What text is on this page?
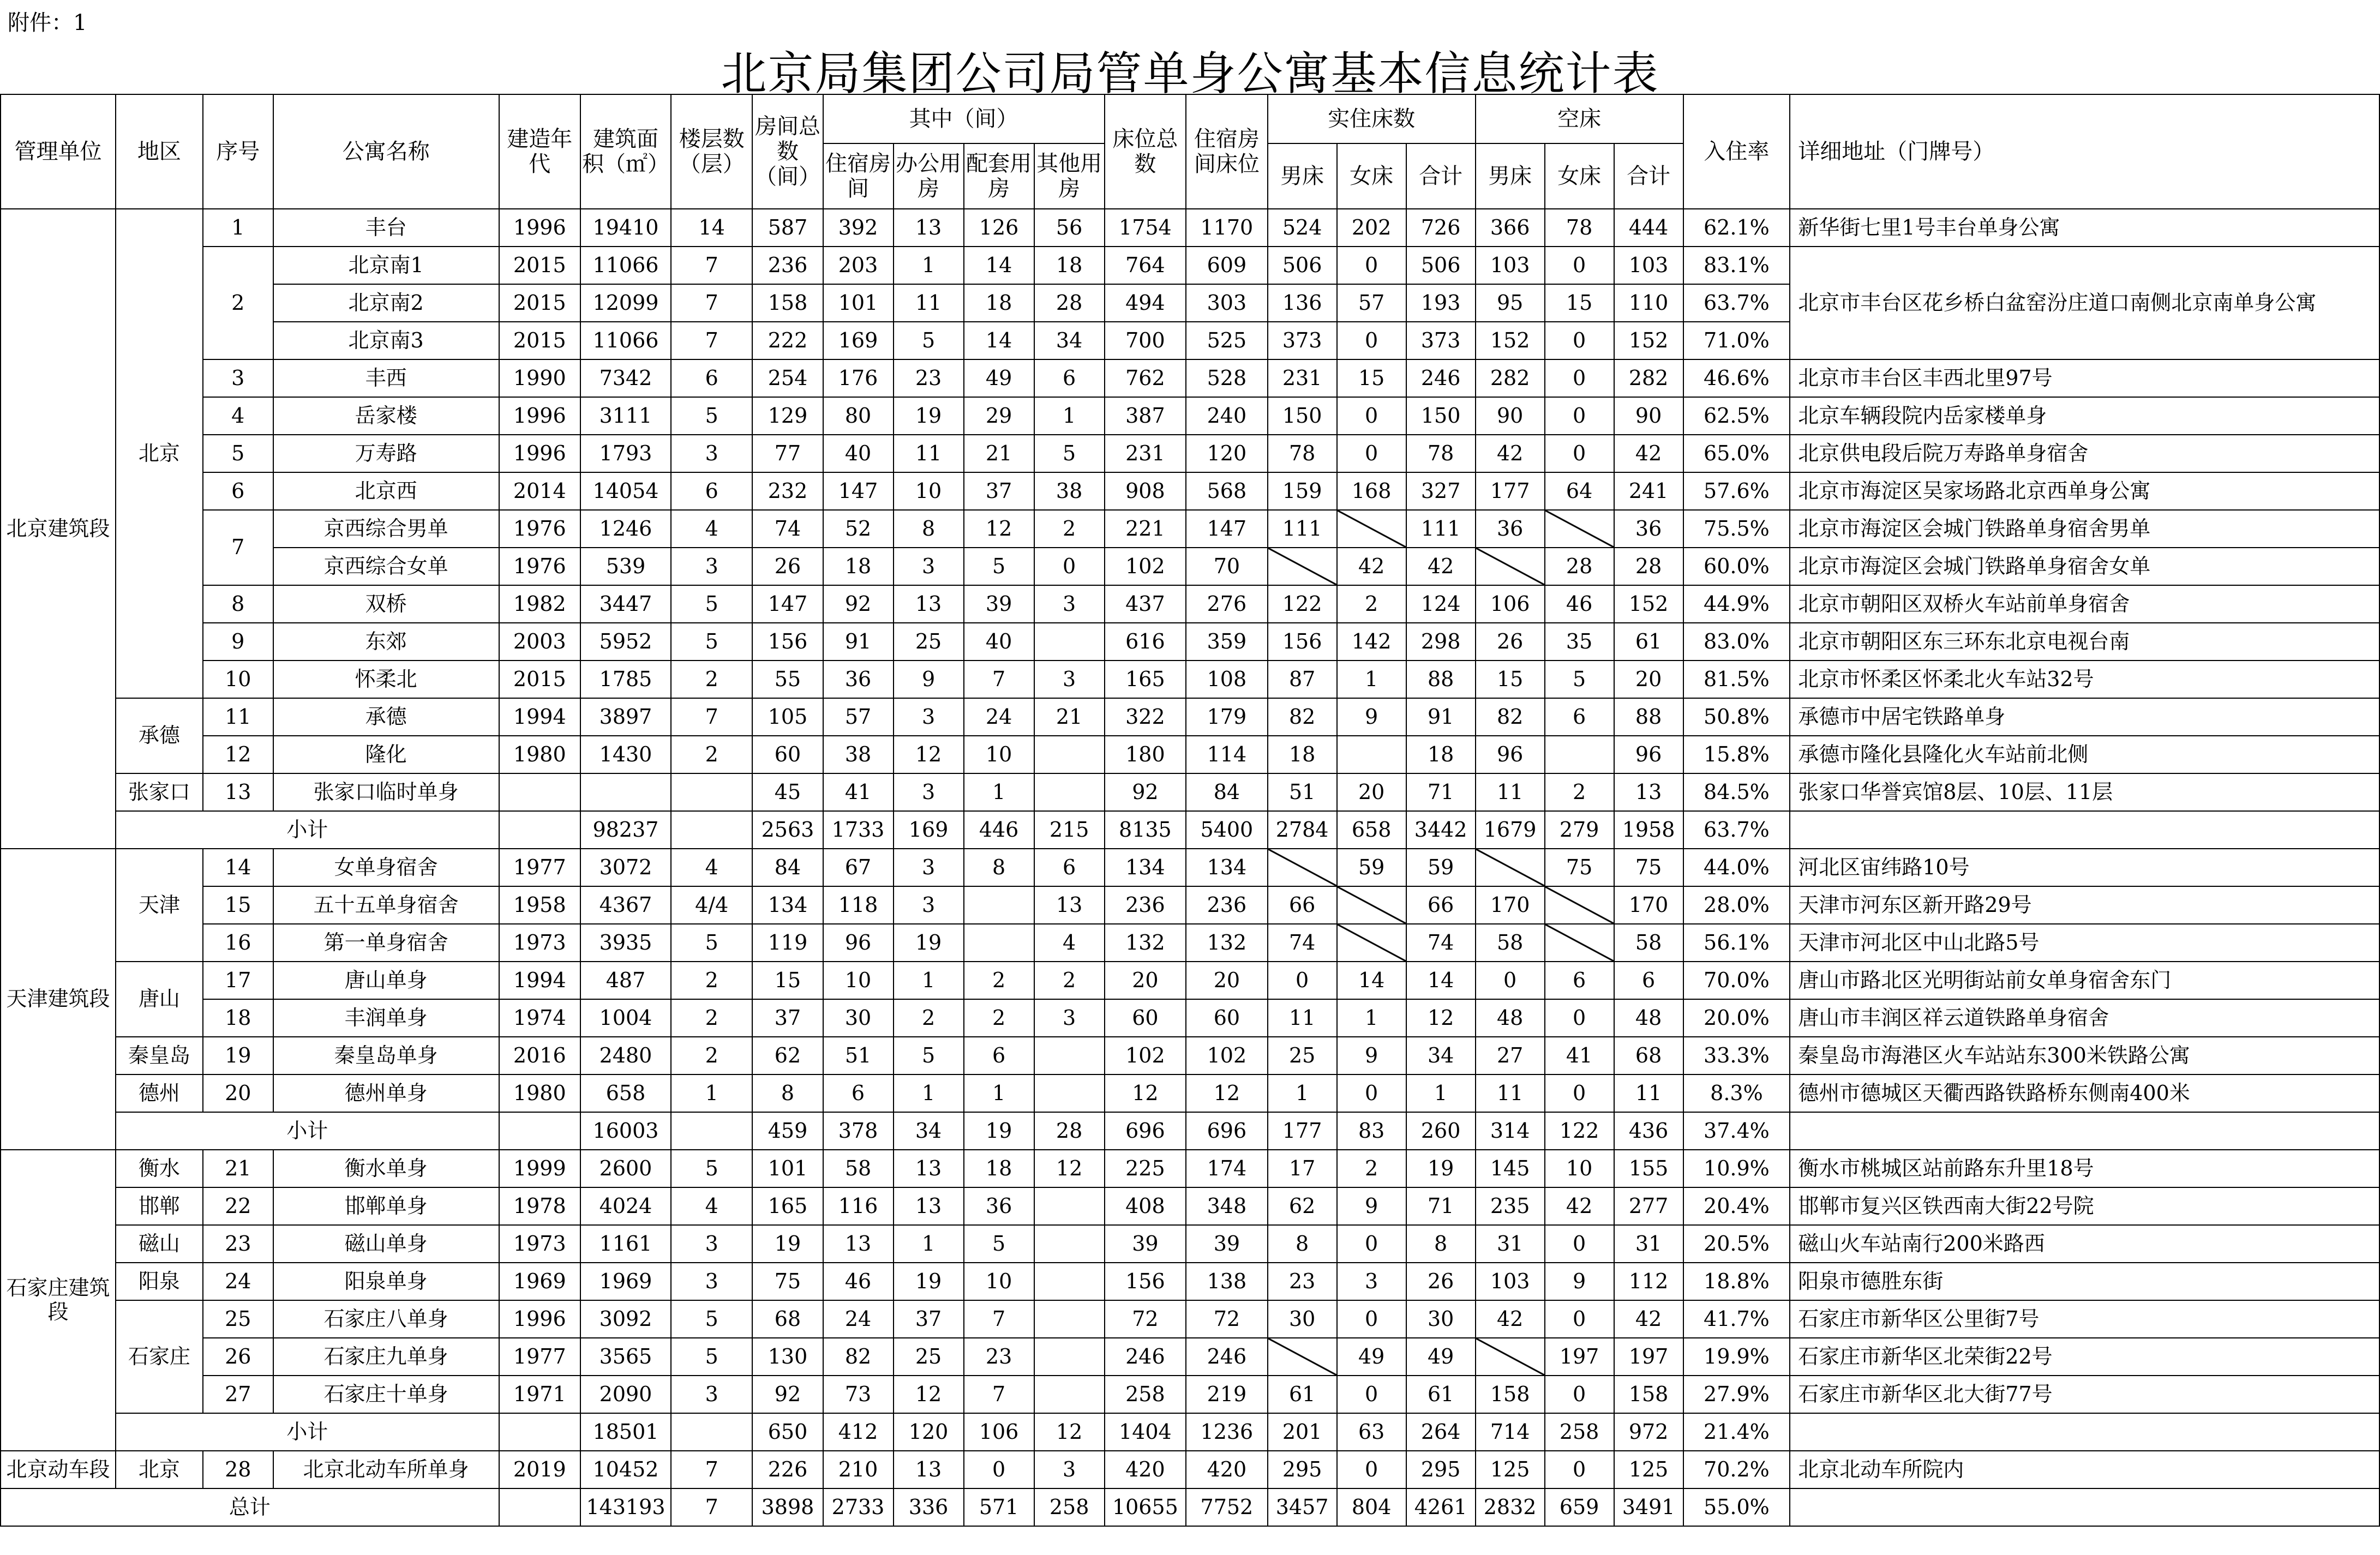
附件：1
北京局集团公司局管单身公寓基本信息统计表
管理单位	地区	序号	公寓名称	建造年代	建筑面积（㎡）	楼层数（层）	房间总数（间）	其中（间）				床位总数	住宿房间床位	实住床数			空床			入住率	详细地址（门牌号）
								住宿房间	办公用房	配套用房	其他用房			男床	女床	合计	男床	女床	合计		
北京建筑段	北京	1	丰台	1996	19410	14	587	392	13	126	56	1754	1170	524	202	726	366	78	444	62.1%	新华街七里1号丰台单身公寓
		2	北京南1	2015	11066	7	236	203	1	14	18	764	609	506	0	506	103	0	103	83.1%	北京市丰台区花乡桥白盆窑汾庄道口南侧北京南单身公寓
			北京南2	2015	12099	7	158	101	11	18	28	494	303	136	57	193	95	15	110	63.7%	
			北京南3	2015	11066	7	222	169	5	14	34	700	525	373	0	373	152	0	152	71.0%	
		3	丰西	1990	7342	6	254	176	23	49	6	762	528	231	15	246	282	0	282	46.6%	北京市丰台区丰西北里97号
		4	岳家楼	1996	3111	5	129	80	19	29	1	387	240	150	0	150	90	0	90	62.5%	北京车辆段院内岳家楼单身
		5	万寿路	1996	1793	3	77	40	11	21	5	231	120	78	0	78	42	0	42	65.0%	北京供电段后院万寿路单身宿舍
		6	北京西	2014	14054	6	232	147	10	37	38	908	568	159	168	327	177	64	241	57.6%	北京市海淀区吴家场路北京西单身公寓
		7	京西综合男单	1976	1246	4	74	52	8	12	2	221	147	111		111	36		36	75.5%	北京市海淀区会城门铁路单身宿舍男单
			京西综合女单	1976	539	3	26	18	3	5	0	102	70		42	42		28	28	60.0%	北京市海淀区会城门铁路单身宿舍女单
		8	双桥	1982	3447	5	147	92	13	39	3	437	276	122	2	124	106	46	152	44.9%	北京市朝阳区双桥火车站前单身宿舍
		9	东郊	2003	5952	5	156	91	25	40		616	359	156	142	298	26	35	61	83.0%	北京市朝阳区东三环东北京电视台南
		10	怀柔北	2015	1785	2	55	36	9	7	3	165	108	87	1	88	15	5	20	81.5%	北京市怀柔区怀柔北火车站32号
	承德	11	承德	1994	3897	7	105	57	3	24	21	322	179	82	9	91	82	6	88	50.8%	承德市中居宅铁路单身
		12	隆化	1980	1430	2	60	38	12	10		180	114	18		18	96		96	15.8%	承德市隆化县隆化火车站前北侧
	张家口	13	张家口临时单身				45	41	3	1		92	84	51	20	71	11	2	13	84.5%	张家口华誉宾馆8层、10层、11层
	小计				98237		2563	1733	169	446	215	8135	5400	2784	658	3442	1679	279	1958	63.7%	
天津建筑段	天津	14	女单身宿舍	1977	3072	4	84	67	3	8	6	134	134		59	59		75	75	44.0%	河北区宙纬路10号
		15	五十五单身宿舍	1958	4367	4/4	134	118	3		13	236	236	66		66	170		170	28.0%	天津市河东区新开路29号
		16	第一单身宿舍	1973	3935	5	119	96	19		4	132	132	74		74	58		58	56.1%	天津市河北区中山北路5号
	唐山	17	唐山单身	1994	487	2	15	10	1	2	2	20	20	0	14	14	0	6	6	70.0%	唐山市路北区光明街站前女单身宿舍东门
		18	丰润单身	1974	1004	2	37	30	2	2	3	60	60	11	1	12	48	0	48	20.0%	唐山市丰润区祥云道铁路单身宿舍
	秦皇岛	19	秦皇岛单身	2016	2480	2	62	51	5	6		102	102	25	9	34	27	41	68	33.3%	秦皇岛市海港区火车站站东300米铁路公寓
	德州	20	德州单身	1980	658	1	8	6	1	1		12	12	1	0	1	11	0	11	8.3%	德州市德城区天衢西路铁路桥东侧南400米
	小计				16003		459	378	34	19	28	696	696	177	83	260	314	122	436	37.4%	
石家庄建筑段	衡水	21	衡水单身	1999	2600	5	101	58	13	18	12	225	174	17	2	19	145	10	155	10.9%	衡水市桃城区站前路东升里18号
	邯郸	22	邯郸单身	1978	4024	4	165	116	13	36		408	348	62	9	71	235	42	277	20.4%	邯郸市复兴区铁西南大街22号院
	磁山	23	磁山单身	1973	1161	3	19	13	1	5		39	39	8	0	8	31	0	31	20.5%	磁山火车站南行200米路西
	阳泉	24	阳泉单身	1969	1969	3	75	46	19	10		156	138	23	3	26	103	9	112	18.8%	阳泉市德胜东街
	石家庄	25	石家庄八单身	1996	3092	5	68	24	37	7		72	72	30	0	30	42	0	42	41.7%	石家庄市新华区公里街7号
		26	石家庄九单身	1977	3565	5	130	82	25	23		246	246		49	49		197	197	19.9%	石家庄市新华区北荣街22号
		27	石家庄十单身	1971	2090	3	92	73	12	7		258	219	61	0	61	158	0	158	27.9%	石家庄市新华区北大街77号
	小计				18501		650	412	120	106	12	1404	1236	201	63	264	714	258	972	21.4%	
北京动车段	北京	28	北京北动车所单身	2019	10452	7	226	210	13	0	3	420	420	295	0	295	125	0	125	70.2%	北京北动车所院内
总计					143193	7	3898	2733	336	571	258	10655	7752	3457	804	4261	2832	659	3491	55.0%	
